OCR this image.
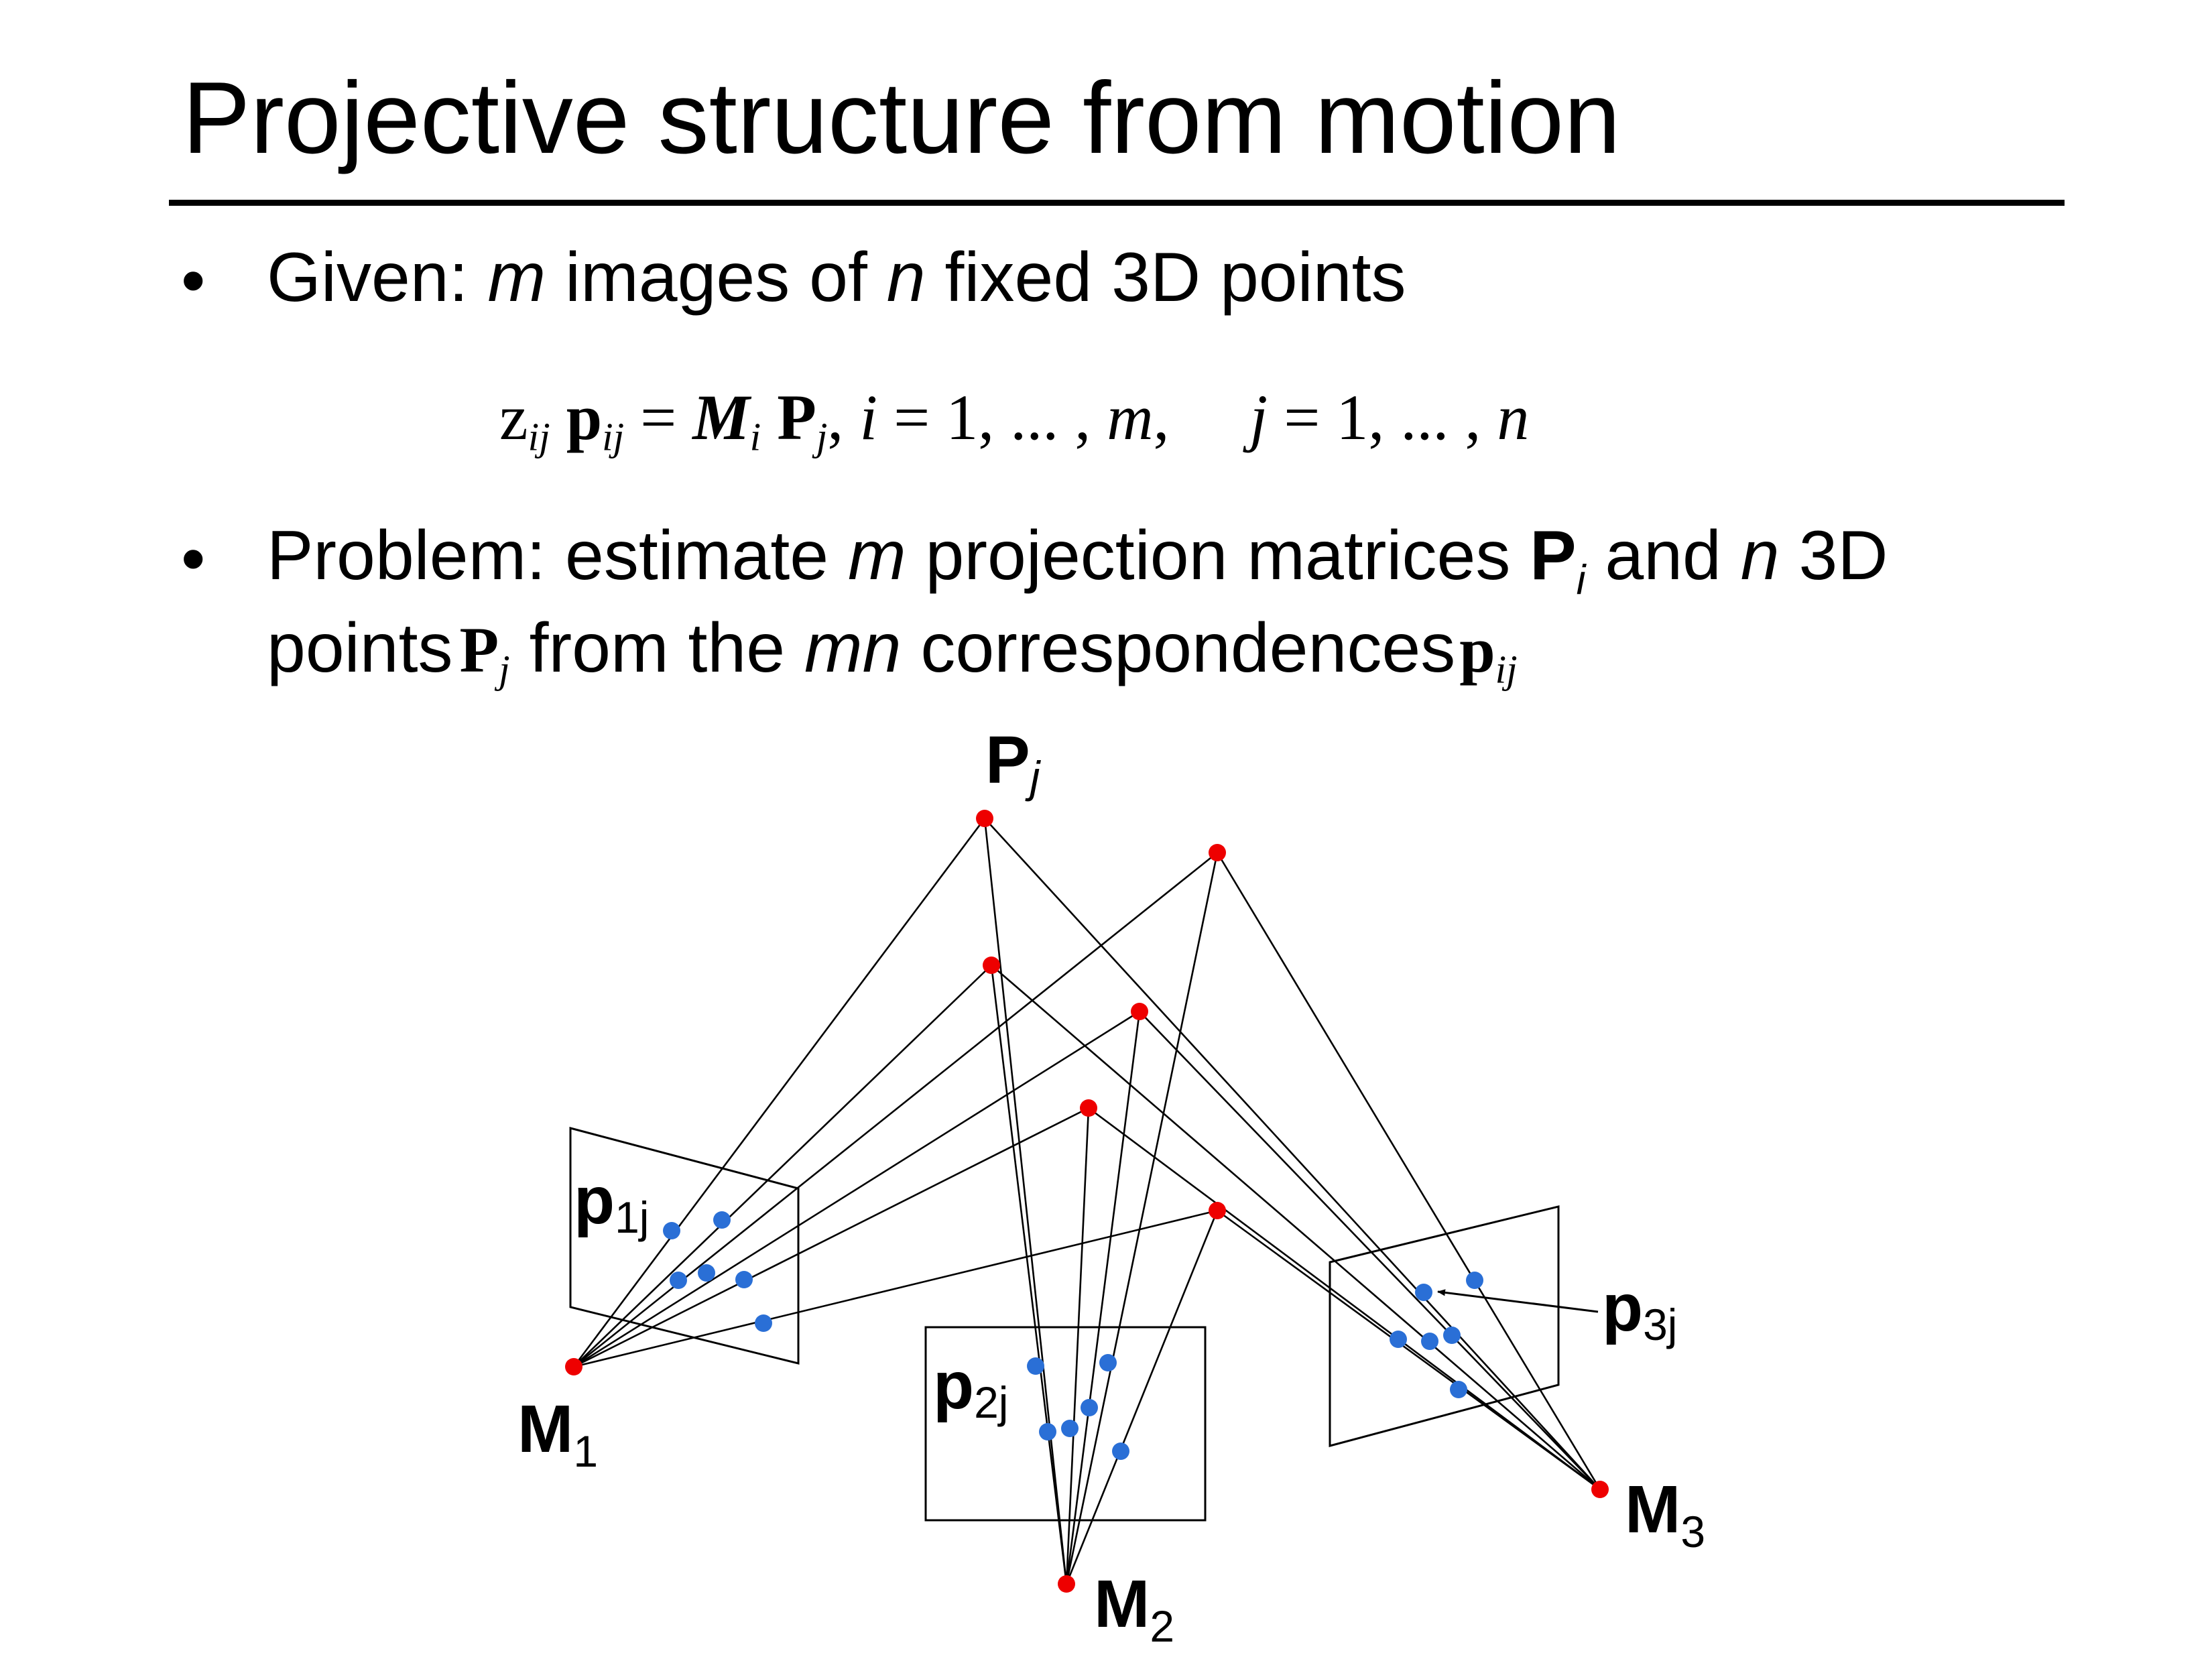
Projective structure from motion
• Given: m images of n fixed 3D points
$z_{ij}$ $p_{ij} = M_i$ $P_j$, i = 1, ... , m,     j = 1, ... , n
• Problem: estimate m projection matrices $P_i$ and n 3D
points $P_j$ from the mn correspondencesp$_{ij}$
Pj
p1j
p2j
p3j
$M_1$
$M_2$
$M_3$
